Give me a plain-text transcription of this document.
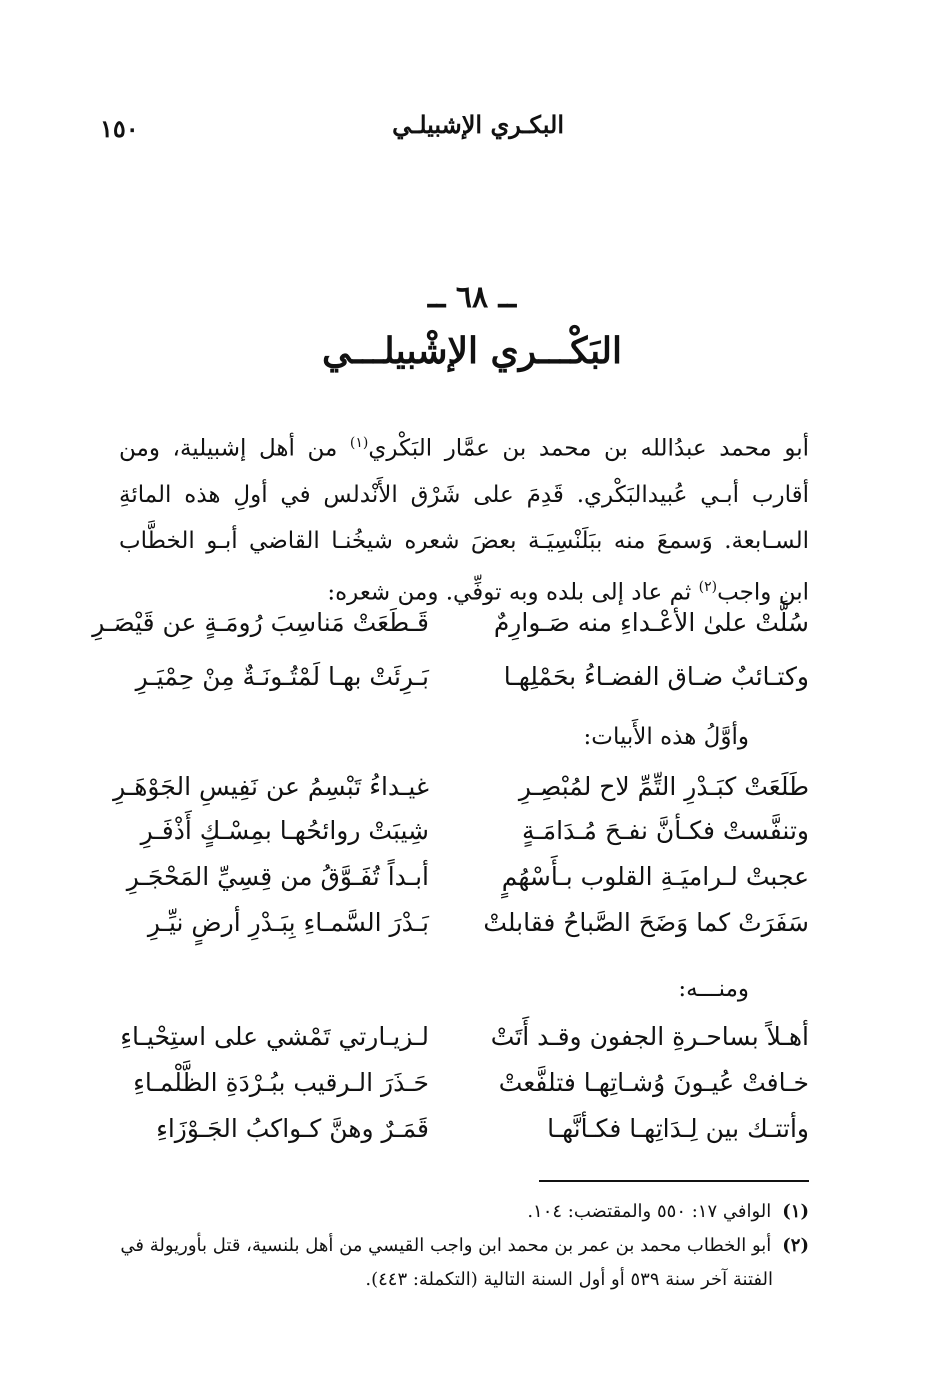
البكـري الإشبيلـي
١٥٠
ــ ٦٨ ــ
البَكْـــري الإشْبيلـــي

أبو محمد عبدُالله بن محمد بن عمَّار البَكْري$^{(١)}$ من أهل إشبيلية، ومن أقارب أبـي عُبيدالبَكْري. قَدِمَ على شَرْق الأَنْدلس في أولِ هذه المائةِ السـابعة. وَسمعَ منه ببَلَنْسِيَـة بعضَ شعره شيخُنـا القاضي أبـو الخطَّاب ابن واجب$^{(٢)}$ ثم عاد إلى بلده وبه توفِّي. ومن شعره:

سُلَّتْ علىٰ الأعْـداءِ منه صَـوارِمٌ
قَـطَعَتْ مَناسِبَ رُومَـةٍ عن قَيْصَـرِ
وكتـائبٌ ضـاق الفضـاءُ بحَمْلِهـا
بَـرِئَتْ بهـا لَمْتُـونَـةٌ مِنْ حِمْيَـرِ
وأوَّلُ هذه الأَبيات:
طَلَعَتْ كبَـدْرِ التِّمِّ لاح لمُبْصِـرِ
غيـداءُ تَبْسِمُ عن نَفِيسِ الجَوْهَـرِ
وتنفَّستْ فكـأنَّ نفـحَ مُـدَامَـةٍ
شِيبَتْ روائحُهـا بمِسْـكٍ أَذْفَـرِ
عجبتْ لـراميَـةِ القلوب بـأَسْهُمٍ
أبـداً تُفَـوَّقُ من قِسِيِّ المَحْجَـرِ
سَفَرَتْ كما وَضَحَ الصَّباحُ فقابلتْ
بَـدْرَ السَّمـاءِ بِبَـدْرِ أرضٍ نيِّـرِ
ومنـــه:
أهـلاً بساحـرةِ الجفون وقـد أَتَتْ
لـزيـارتي تَمْشي على استِحْيـاءِ
خـافتْ عُيـونَ وُشـاتِهـا فتلفَّعتْ
حَـذَرَ الـرقيب ببُـرْدَةِ الظَّلْمـاءِ
وأتتـك بين لِـدَاتِهـا فكـأنَّهـا
قَمَـرٌ وهنَّ كـواكبُ الجَـوْزَاءِ

(١) الوافي ١٧: ٥٥٠ والمقتضب: ١٠٤.

(٢) أبو الخطاب محمد بن عمر بن محمد ابن واجب القيسي من أهل بلنسية، قتل بأوريولة في

الفتنة آخر سنة ٥٣٩ أو أول السنة التالية (التكملة: ٤٤٣).
